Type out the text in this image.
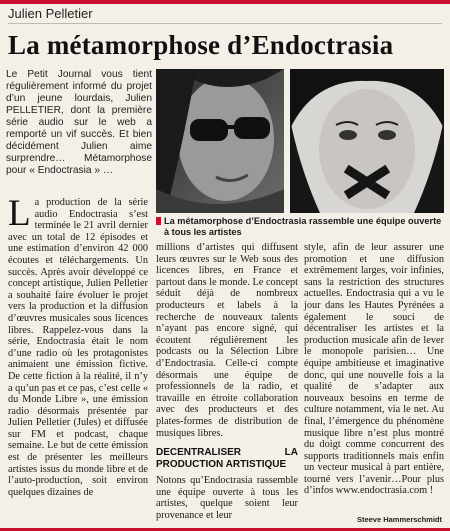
Julien Pelletier
La métamorphose d’Endoctrasia

Le Petit Journal vous tient régulièrement informé du projet d’un jeune lourdais, Julien PELLETIER, dont la première série audio sur le web a remporté un vif succès. Et bien décidément Julien aime surprendre… Métamorphose pour « Endoctrasia » …

La métamorphose d’Endoctrasia rassemble une équipe ouverte à tous les artistes
L a production de la série audio Endoctrasia s’est terminée le 21 avril dernier avec un total de 12 épisodes et une estimation d’environ 42 000 écoutes et téléchargements. Un succès. Après avoir développé ce concept artistique, Julien Pelletier a souhaité faire évoluer le projet vers la production et la diffusion d’œuvres musicales sous licences libres. Rappelez-vous dans la série, Endoctrasia était le nom d’une radio où les protagonistes animaient une émission fictive. De cette fiction à la réalité, il n’y a qu’un pas et ce pas, c’est celle « du Monde Libre », une émission radio désormais présentée par Julien Pelletier (Jules) et diffusée sur FM et podcast, chaque semaine. Le but de cette émission est de présenter les meilleurs artistes issus du monde libre et de l’auto-production, soit environ quelques dizaines de

millions d’artistes qui diffusent leurs œuvres sur le Web sous des licences libres, en France et partout dans le monde. Le concept séduit déjà de nombreux producteurs et labels à la recherche de nouveaux talents n’ayant pas encore signé, qui écoutent régulièrement les podcasts ou la Sélection Libre d’Endoctrasia. Celle-ci compte désormais une équipe de professionnels de la radio, et travaille en étroite collaboration avec des producteurs et des plates-formes de distribution de musiques libres.

DECENTRALISER LA PRODUCTION ARTISTIQUE

Notons qu’Endoctrasia rassemble une équipe ouverte à tous les artistes, quelque soient leur provenance et leur

style, afin de leur assurer une promotion et une diffusion extrêmement larges, voir infinies, sans la restriction des structures actuelles. Endoctrasia qui a vu le jour dans les Hautes Pyrénées a également le souci de décentraliser les artistes et la production musicale afin de lever le monopole parisien… Une équipe ambitieuse et imaginative donc, qui une nouvelle fois a la qualité de s’adapter aux nouveaux besoins en terme de culture notamment, via le net. Au final, l’émergence du phénomène musique libre n’est plus montré du doigt comme concurrent des supports traditionnels mais enfin un vecteur musical à part entière, tourné vers l’avenir…Pour plus d’infos www.endoctrasia.com !

Steeve Hammerschmidt
